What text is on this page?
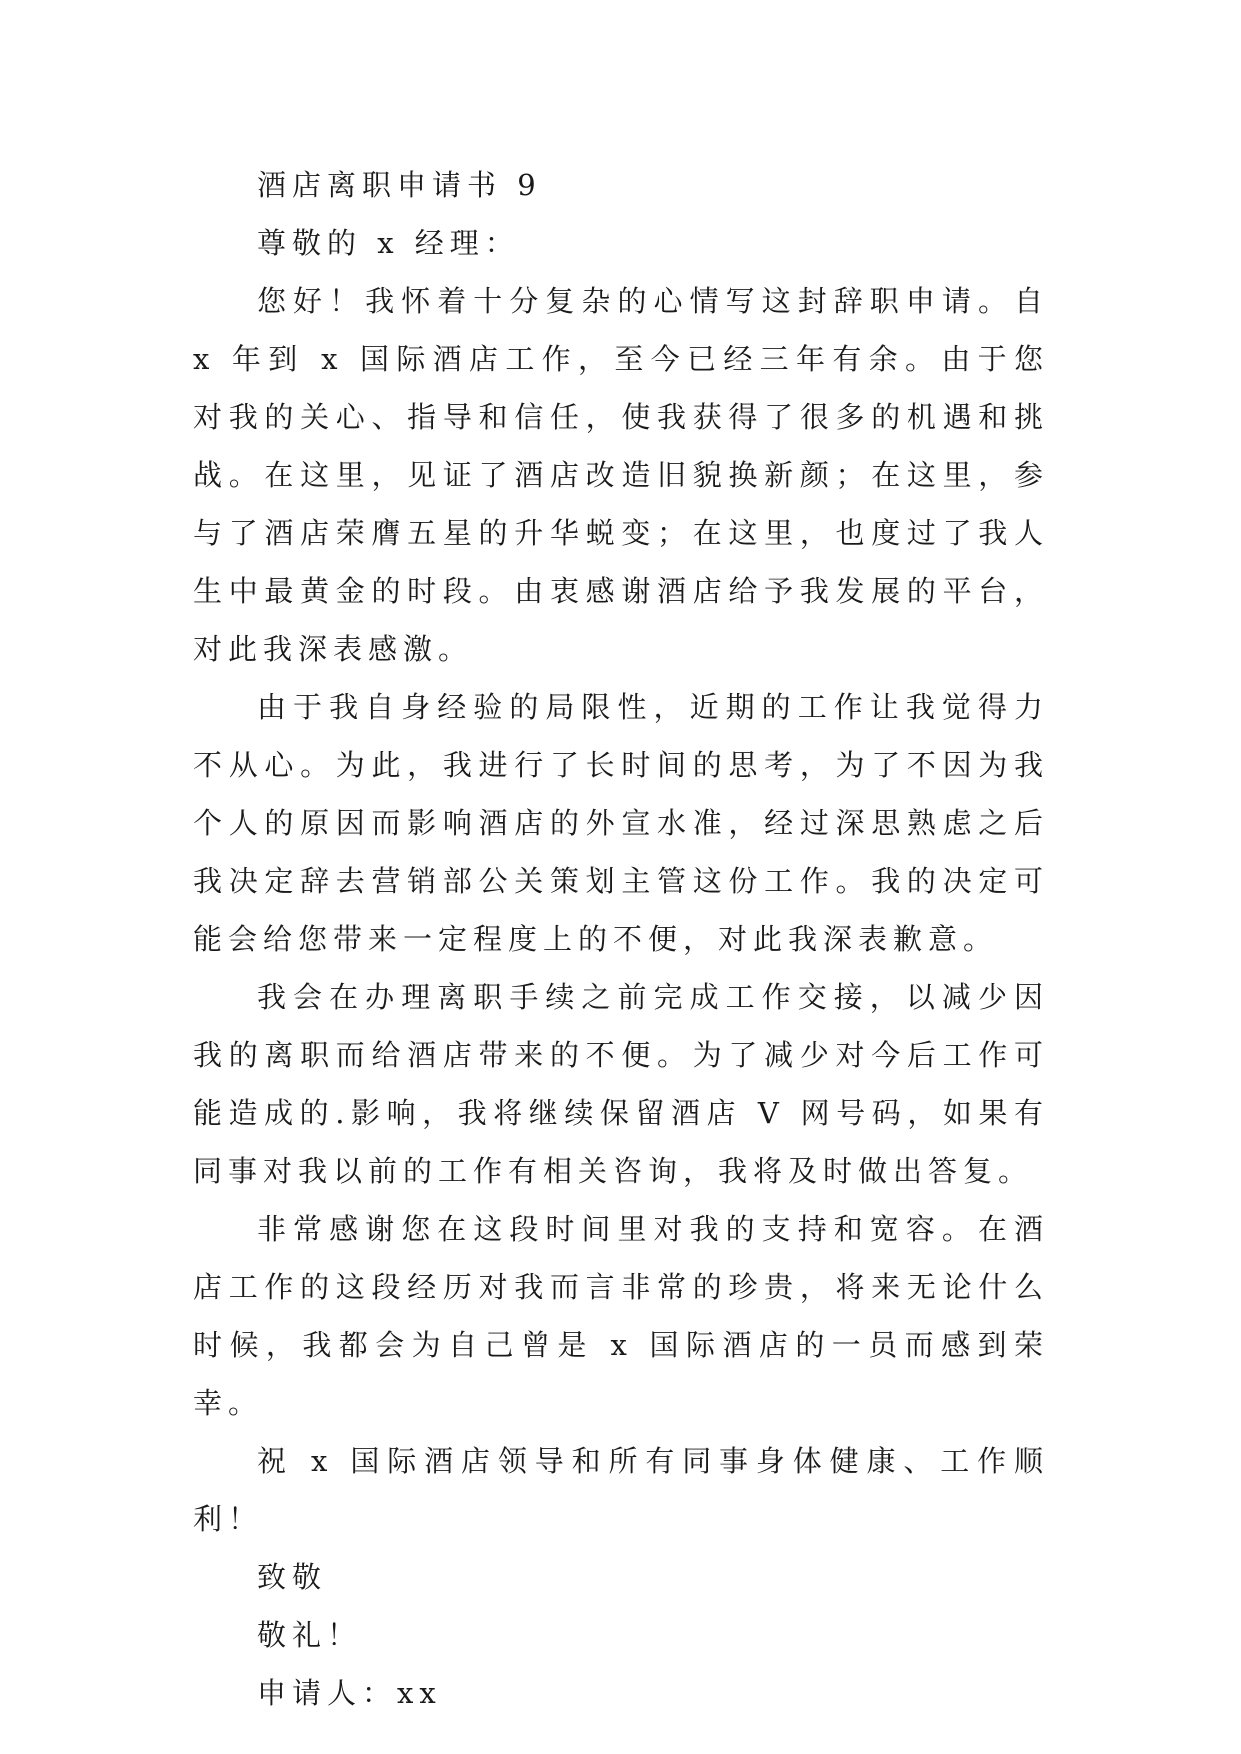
酒店离职申请书 9

尊敬的 x 经理：

您好！我怀着十分复杂的心情写这封辞职申请。自 x 年到 x 国际酒店工作，至今已经三年有余。由于您对我的关心、指导和信任，使我获得了很多的机遇和挑战。在这里，见证了酒店改造旧貌换新颜；在这里，参与了酒店荣膺五星的升华蜕变；在这里，也度过了我人生中最黄金的时段。由衷感谢酒店给予我发展的平台，对此我深表感激。

由于我自身经验的局限性，近期的工作让我觉得力不从心。为此，我进行了长时间的思考，为了不因为我个人的原因而影响酒店的外宣水准，经过深思熟虑之后我决定辞去营销部公关策划主管这份工作。我的决定可能会给您带来一定程度上的不便，对此我深表歉意。

我会在办理离职手续之前完成工作交接，以减少因我的离职而给酒店带来的不便。为了减少对今后工作可能造成的.影响，我将继续保留酒店 V 网号码，如果有同事对我以前的工作有相关咨询，我将及时做出答复。

非常感谢您在这段时间里对我的支持和宽容。在酒店工作的这段经历对我而言非常的珍贵，将来无论什么时候，我都会为自己曾是 x 国际酒店的一员而感到荣幸。

祝 x 国际酒店领导和所有同事身体健康、工作顺利！

致敬

敬礼！

申请人：xx
